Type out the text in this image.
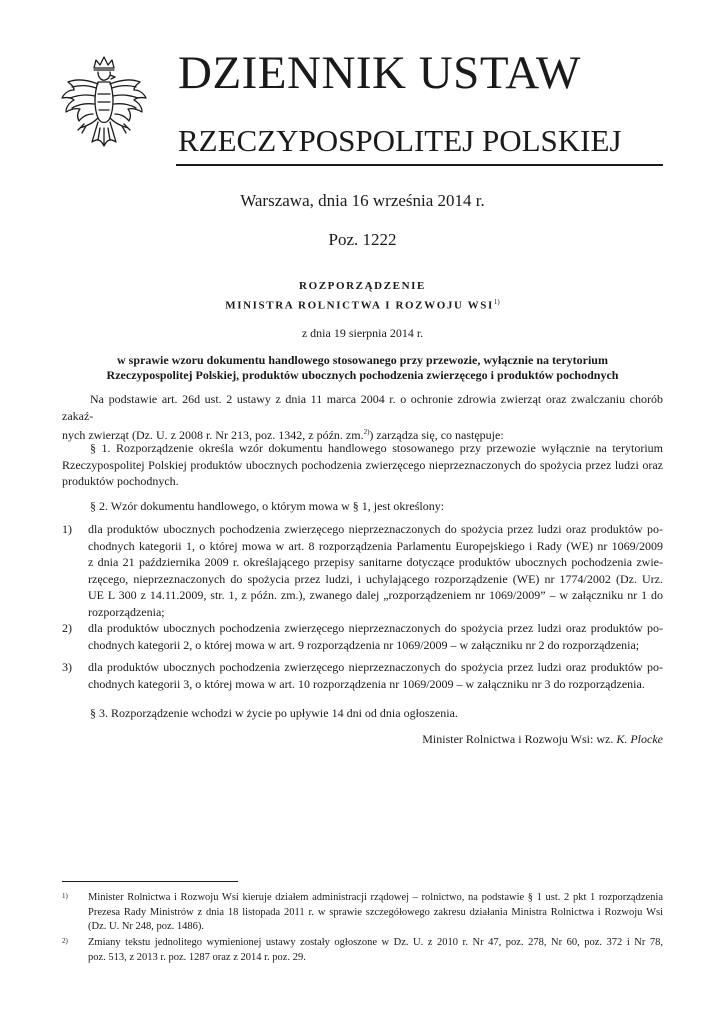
DZIENNIK USTAW
RZECZYPOSPOLITEJ POLSKIEJ
Warszawa, dnia 16 września 2014 r.
Poz. 1222
ROZPORZĄDZENIE
MINISTRA ROLNICTWA I ROZWOJU WSI$^{1)}$
z dnia 19 sierpnia 2014 r.
w sprawie wzoru dokumentu handlowego stosowanego przy przewozie, wyłącznie na terytorium
Rzeczypospolitej Polskiej, produktów ubocznych pochodzenia zwierzęcego i produktów pochodnych
Na podstawie art. 26d ust. 2 ustawy z dnia 11 marca 2004 r. o ochronie zdrowia zwierząt oraz zwalczaniu chorób zakaź-
nych zwierząt (Dz. U. z 2008 r. Nr 213, poz. 1342, z późn. zm.$^{2)}$) zarządza się, co następuje:
§ 1. Rozporządzenie określa wzór dokumentu handlowego stosowanego przy przewozie wyłącznie na terytorium
Rzeczypospolitej Polskiej produktów ubocznych pochodzenia zwierzęcego nieprzeznaczonych do spożycia przez ludzi oraz
produktów pochodnych.
§ 2. Wzór dokumentu handlowego, o którym mowa w § 1, jest określony:
1) dla produktów ubocznych pochodzenia zwierzęcego nieprzeznaczonych do spożycia przez ludzi oraz produktów po-
chodnych kategorii 1, o której mowa w art. 8 rozporządzenia Parlamentu Europejskiego i Rady (WE) nr 1069/2009
z dnia 21 października 2009 r. określającego przepisy sanitarne dotyczące produktów ubocznych pochodzenia zwie-
rzęcego, nieprzeznaczonych do spożycia przez ludzi, i uchylającego rozporządzenie (WE) nr 1774/2002 (Dz. Urz.
UE L 300 z 14.11.2009, str. 1, z późn. zm.), zwanego dalej „rozporządzeniem nr 1069/2009” – w załączniku nr 1 do
rozporządzenia;
2) dla produktów ubocznych pochodzenia zwierzęcego nieprzeznaczonych do spożycia przez ludzi oraz produktów po-
chodnych kategorii 2, o której mowa w art. 9 rozporządzenia nr 1069/2009 – w załączniku nr 2 do rozporządzenia;
3) dla produktów ubocznych pochodzenia zwierzęcego nieprzeznaczonych do spożycia przez ludzi oraz produktów po-
chodnych kategorii 3, o której mowa w art. 10 rozporządzenia nr 1069/2009 – w załączniku nr 3 do rozporządzenia.
§ 3. Rozporządzenie wchodzi w życie po upływie 14 dni od dnia ogłoszenia.
Minister Rolnictwa i Rozwoju Wsi: wz. K. Plocke
1) Minister Rolnictwa i Rozwoju Wsi kieruje działem administracji rządowej – rolnictwo, na podstawie § 1 ust. 2 pkt 1 rozporządzenia
Prezesa Rady Ministrów z dnia 18 listopada 2011 r. w sprawie szczegółowego zakresu działania Ministra Rolnictwa i Rozwoju Wsi
(Dz. U. Nr 248, poz. 1486).
2) Zmiany tekstu jednolitego wymienionej ustawy zostały ogłoszone w Dz. U. z 2010 r. Nr 47, poz. 278, Nr 60, poz. 372 i Nr 78,
poz. 513, z 2013 r. poz. 1287 oraz z 2014 r. poz. 29.
